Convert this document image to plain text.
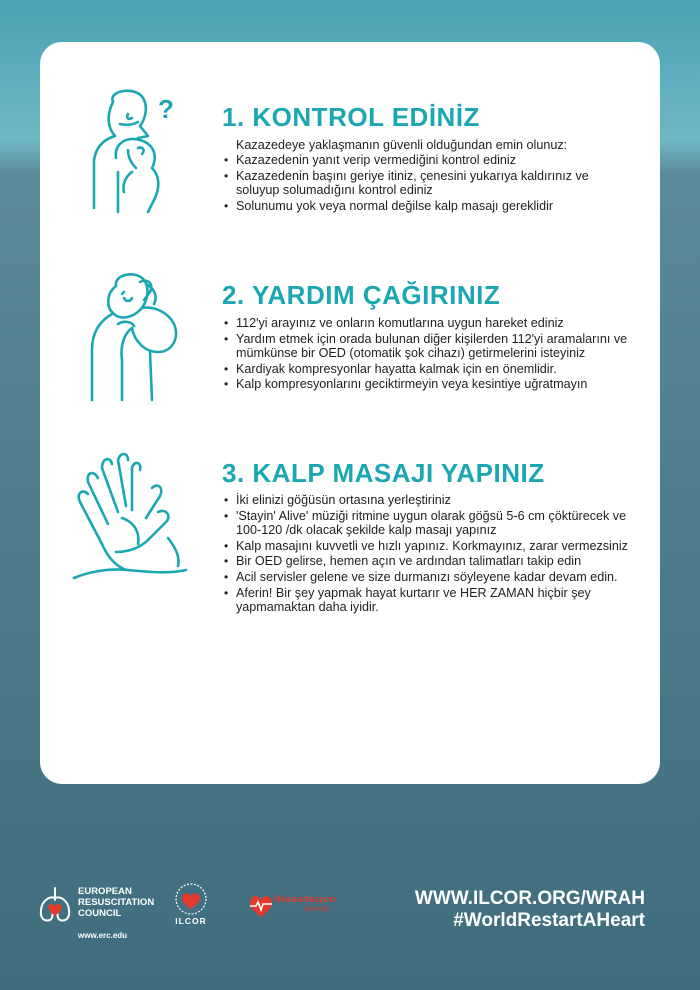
? 1. KONTROL EDİNİZ

Kazazedeye yaklaşmanın güvenli olduğundan emin olunuz:

• Kazazedenin yanıt verip vermediğini kontrol ediniz
• Kazazedenin başını geriye itiniz, çenesini yukarıya kaldırınız ve soluyup solumadığını kontrol ediniz
• Solunumu yok veya normal değilse kalp masajı gereklidir
2. YARDIM ÇAĞIRINIZ
• 112'yi arayınız ve onların komutlarına uygun hareket ediniz
• Yardım etmek için orada bulunan diğer kişilerden 112'yi aramalarını ve mümkünse bir OED (otomatik şok cihazı) getirmelerini isteyiniz
• Kardiyak kompresyonlar hayatta kalmak için en önemlidir.
• Kalp kompresyonlarını geciktirmeyin veya kesintiye uğratmayın
3. KALP MASAJI YAPINIZ
• İki elinizi göğüsün ortasına yerleştiriniz
• 'Stayin' Alive' müziği ritmine uygun olarak göğsü 5-6 cm çöktürecek ve 100-120 /dk olacak şekilde kalp masajı yapınız
• Kalp masajını kuvvetli ve hızlı yapınız. Korkmayınız, zarar vermezsiniz
• Bir OED gelirse, hemen açın ve ardından talimatları takip edin
• Acil servisler gelene ve size durmanızı söyleyene kadar devam edin.
• Aferin! Bir şey yapmak hayat kurtarır ve HER ZAMAN hiçbir şey yapmamaktan daha iyidir.
EUROPEAN
RESUSCITATION
COUNCIL
www.erc.edu
ILCOR
Resüsitasyon
Derneği
WWW.ILCOR.ORG/WRAH
#WorldRestartAHeart
